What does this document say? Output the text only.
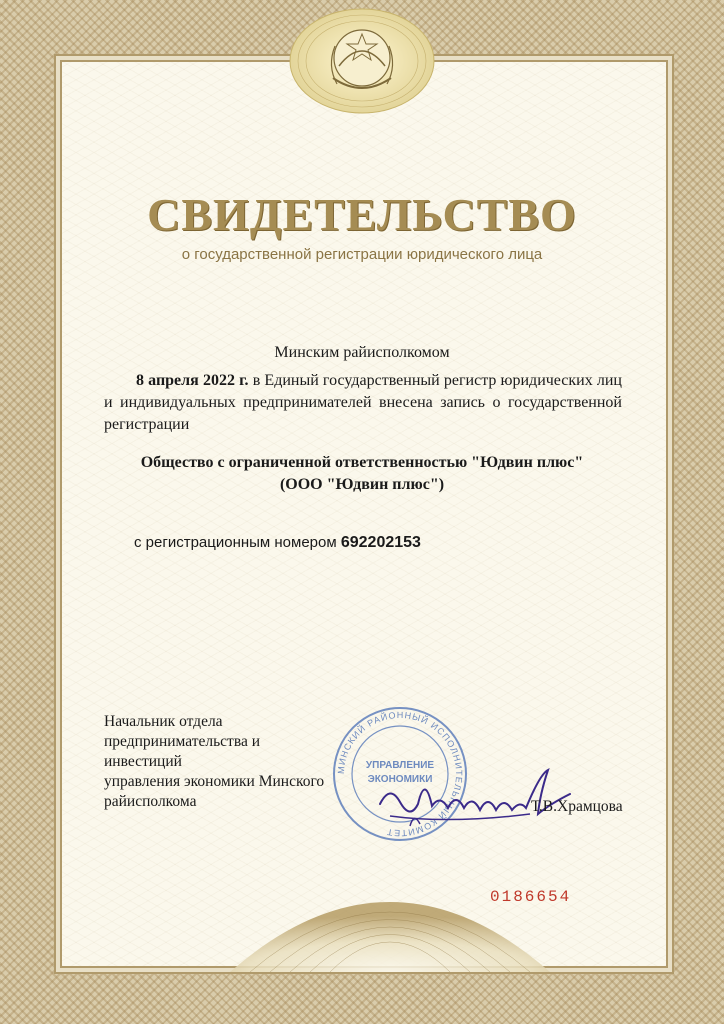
СВИДЕТЕЛЬСТВО
о государственной регистрации юридического лица
Минским райисполкомом
8 апреля 2022 г. в Единый государственный регистр юридических лиц и индивидуальных предпринимателей внесена запись о государственной регистрации
Общество с ограниченной ответственностью "Юдвин плюс"
(ООО "Юдвин плюс")
с регистрационным номером 692202153
Начальник отдела
предпринимательства и
инвестиций
управления экономики Минского
райисполкома
МИНСКИЙ РАЙОННЫЙ ИСПОЛНИТЕЛЬНЫЙ КОМИТЕТ
УПРАВЛЕНИЕ
ЭКОНОМИКИ
Т.В.Храмцова
0186654
